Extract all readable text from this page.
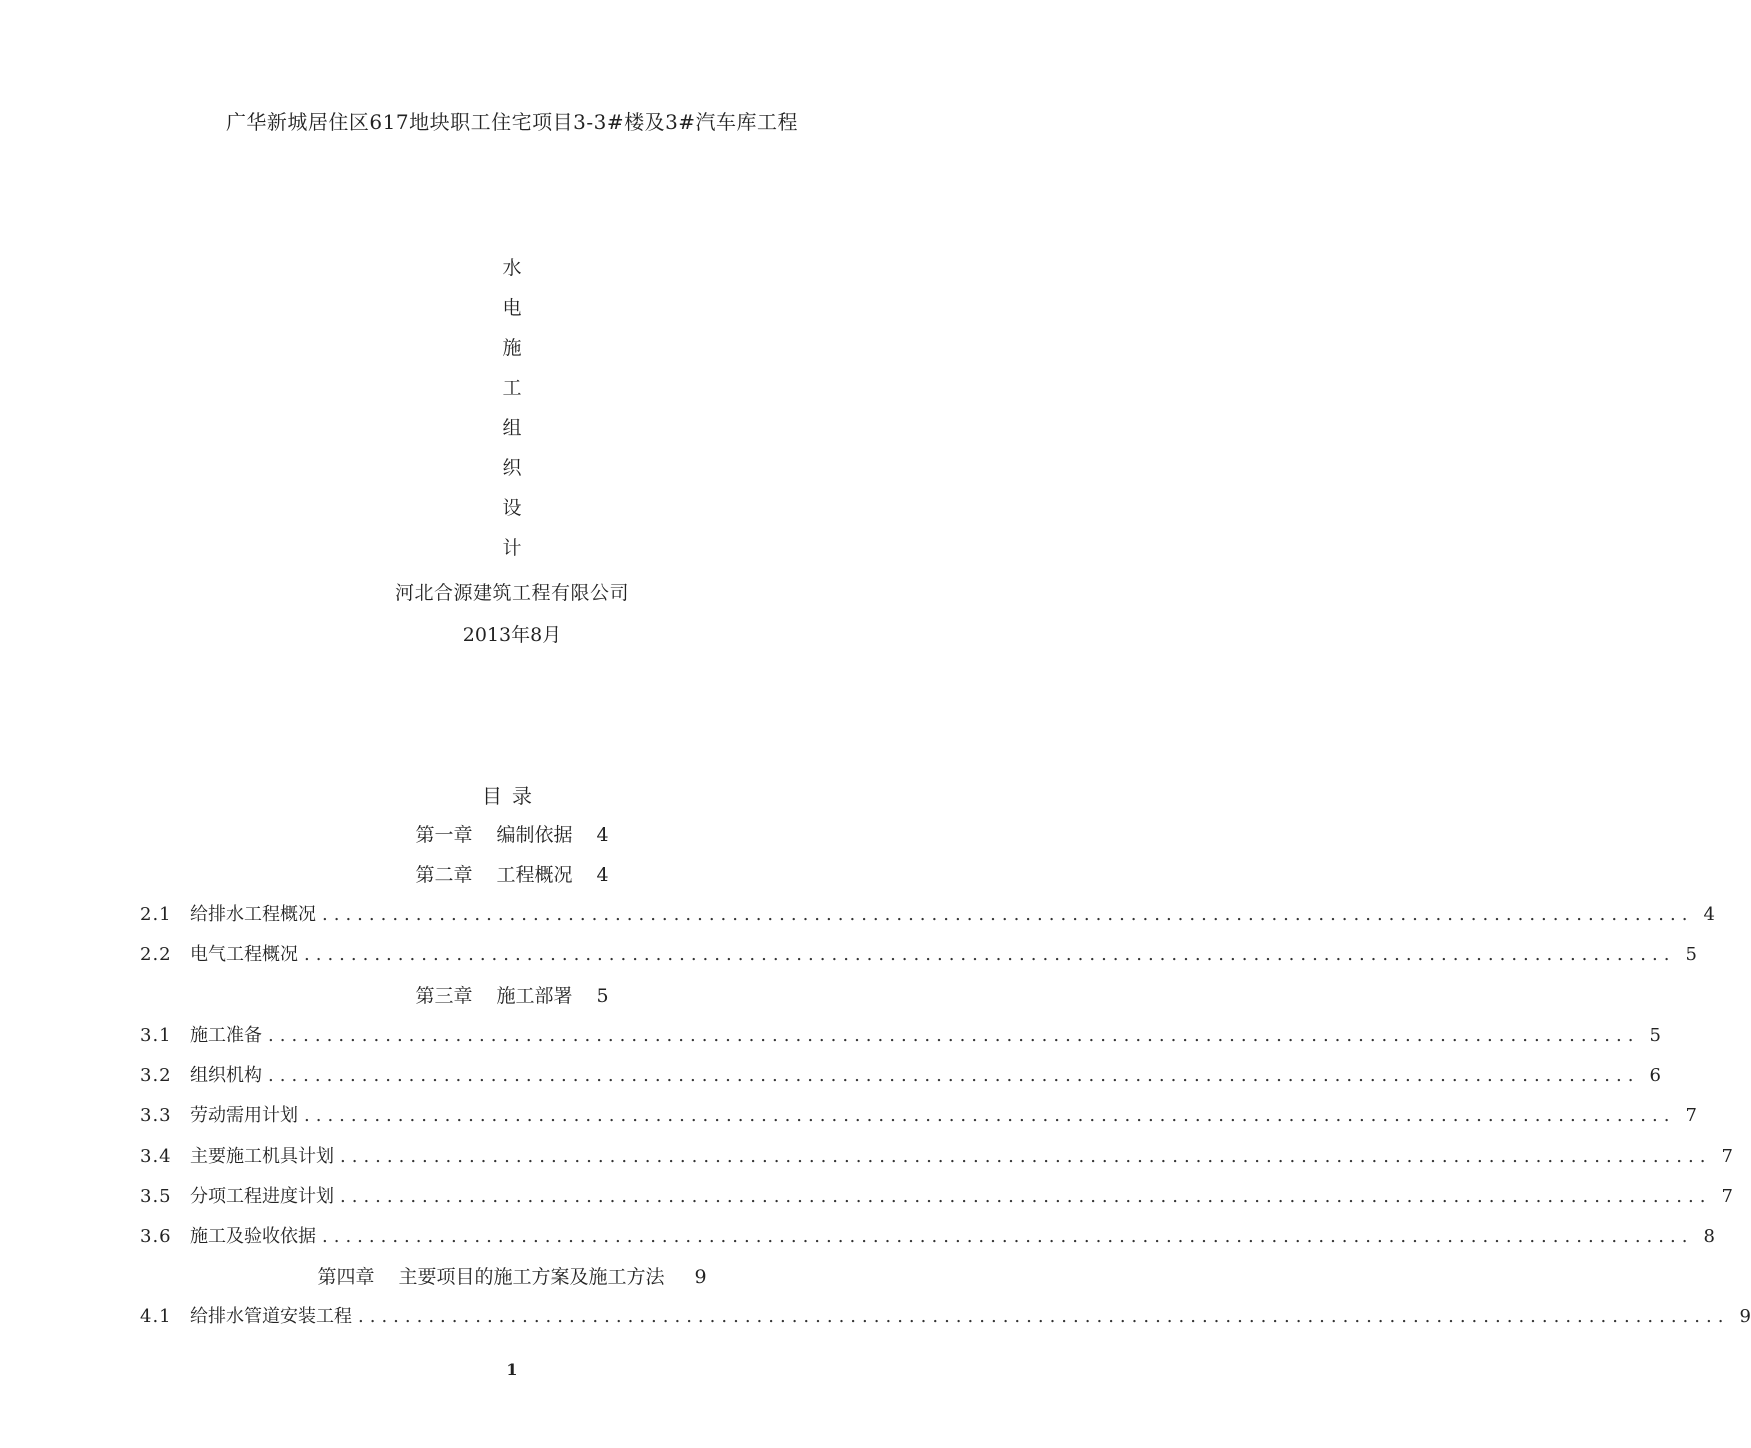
广华新城居住区617地块职工住宅项目3-3#楼及3#汽车库工程
水
电
施
工
组
织
设
计
河北合源建筑工程有限公司
2013年8月
目录
第一章 编制依据 4
第二章 工程概况 4
2.1	给排水工程概况 ..................................................................................................................... 4
2.2	电气工程概况 ..................................................................................................................... 5
第三章 施工部署 5
3.1	施工准备 ..................................................................................................................... 5
3.2	组织机构 ..................................................................................................................... 6
3.3	劳动需用计划 ..................................................................................................................... 7
3.4	主要施工机具计划 ..................................................................................................................... 7
3.5	分项工程进度计划 ..................................................................................................................... 7
3.6	施工及验收依据 ..................................................................................................................... 8
第四章 主要项目的施工方案及施工方法 9
4.1	给排水管道安装工程 ..................................................................................................................... 9
1
